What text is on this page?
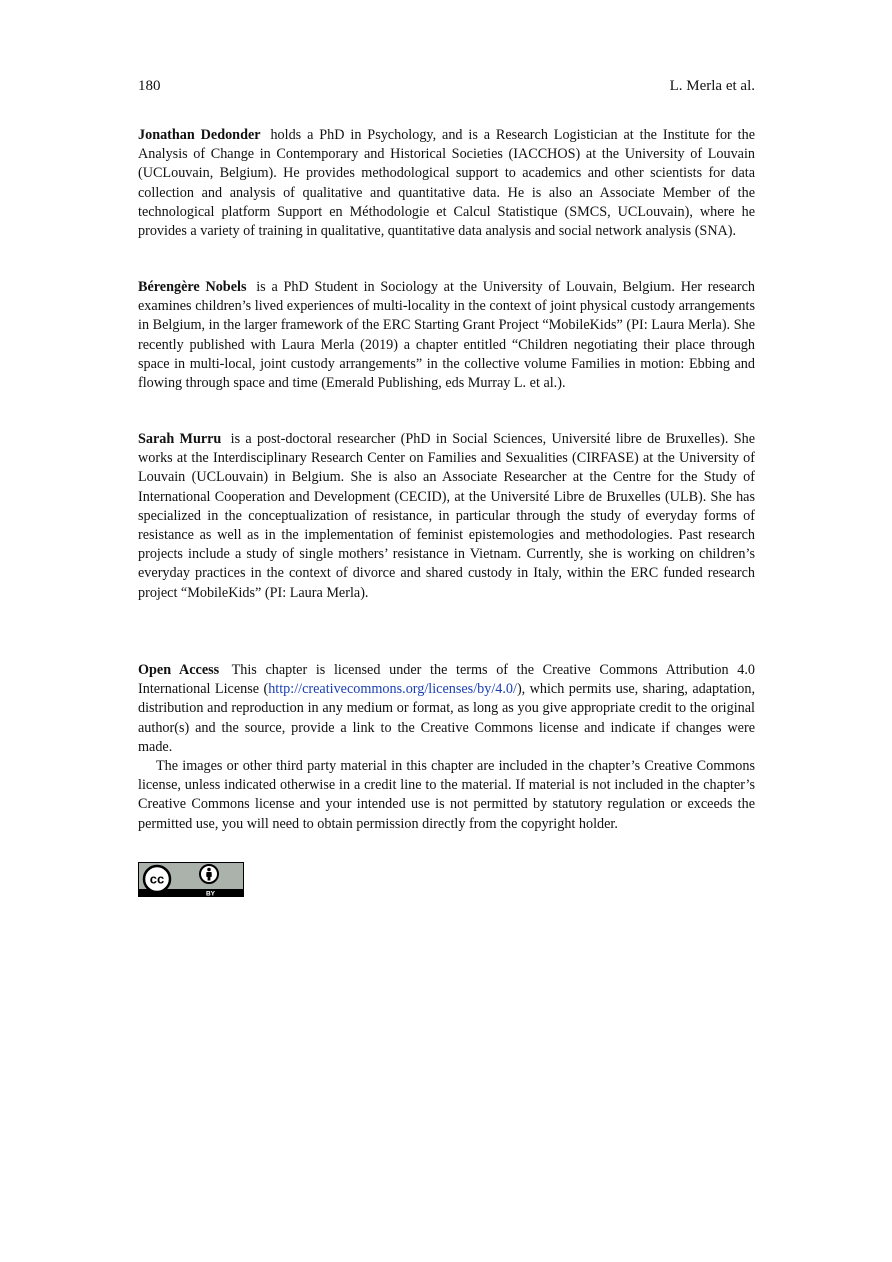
180	L. Merla et al.

Jonathan Dedonder holds a PhD in Psychology, and is a Research Logistician at the Institute for the Analysis of Change in Contemporary and Historical Societies (IACCHOS) at the University of Louvain (UCLouvain, Belgium). He provides methodological support to academics and other scientists for data collection and analysis of qualitative and quantitative data. He is also an Associate Member of the technological platform Support en Méthodologie et Calcul Statistique (SMCS, UCLouvain), where he provides a variety of training in qualitative, quantitative data analysis and social network analysis (SNA).

Bérengère Nobels is a PhD Student in Sociology at the University of Louvain, Belgium. Her research examines children’s lived experiences of multi-locality in the context of joint physical custody arrangements in Belgium, in the larger framework of the ERC Starting Grant Project “MobileKids” (PI: Laura Merla). She recently published with Laura Merla (2019) a chapter entitled “Children negotiating their place through space in multi-local, joint custody arrangements” in the collective volume Families in motion: Ebbing and flowing through space and time (Emerald Publishing, eds Murray L. et al.).

Sarah Murru is a post-doctoral researcher (PhD in Social Sciences, Université libre de Bruxelles). She works at the Interdisciplinary Research Center on Families and Sexualities (CIRFASE) at the University of Louvain (UCLouvain) in Belgium. She is also an Associate Researcher at the Centre for the Study of International Cooperation and Development (CECID), at the Université Libre de Bruxelles (ULB). She has specialized in the conceptualization of resistance, in particular through the study of everyday forms of resistance as well as in the implementation of feminist epistemologies and methodologies. Past research projects include a study of single mothers’ resistance in Vietnam. Currently, she is working on children’s everyday practices in the context of divorce and shared custody in Italy, within the ERC funded research project “MobileKids” (PI: Laura Merla).

Open Access This chapter is licensed under the terms of the Creative Commons Attribution 4.0 International License (http://creativecommons.org/licenses/by/4.0/), which permits use, sharing, adaptation, distribution and reproduction in any medium or format, as long as you give appropriate credit to the original author(s) and the source, provide a link to the Creative Commons license and indicate if changes were made.

The images or other third party material in this chapter are included in the chapter’s Creative Commons license, unless indicated otherwise in a credit line to the material. If material is not included in the chapter’s Creative Commons license and your intended use is not permitted by statutory regulation or exceeds the permitted use, you will need to obtain permission directly from the copyright holder.

cc
BY
